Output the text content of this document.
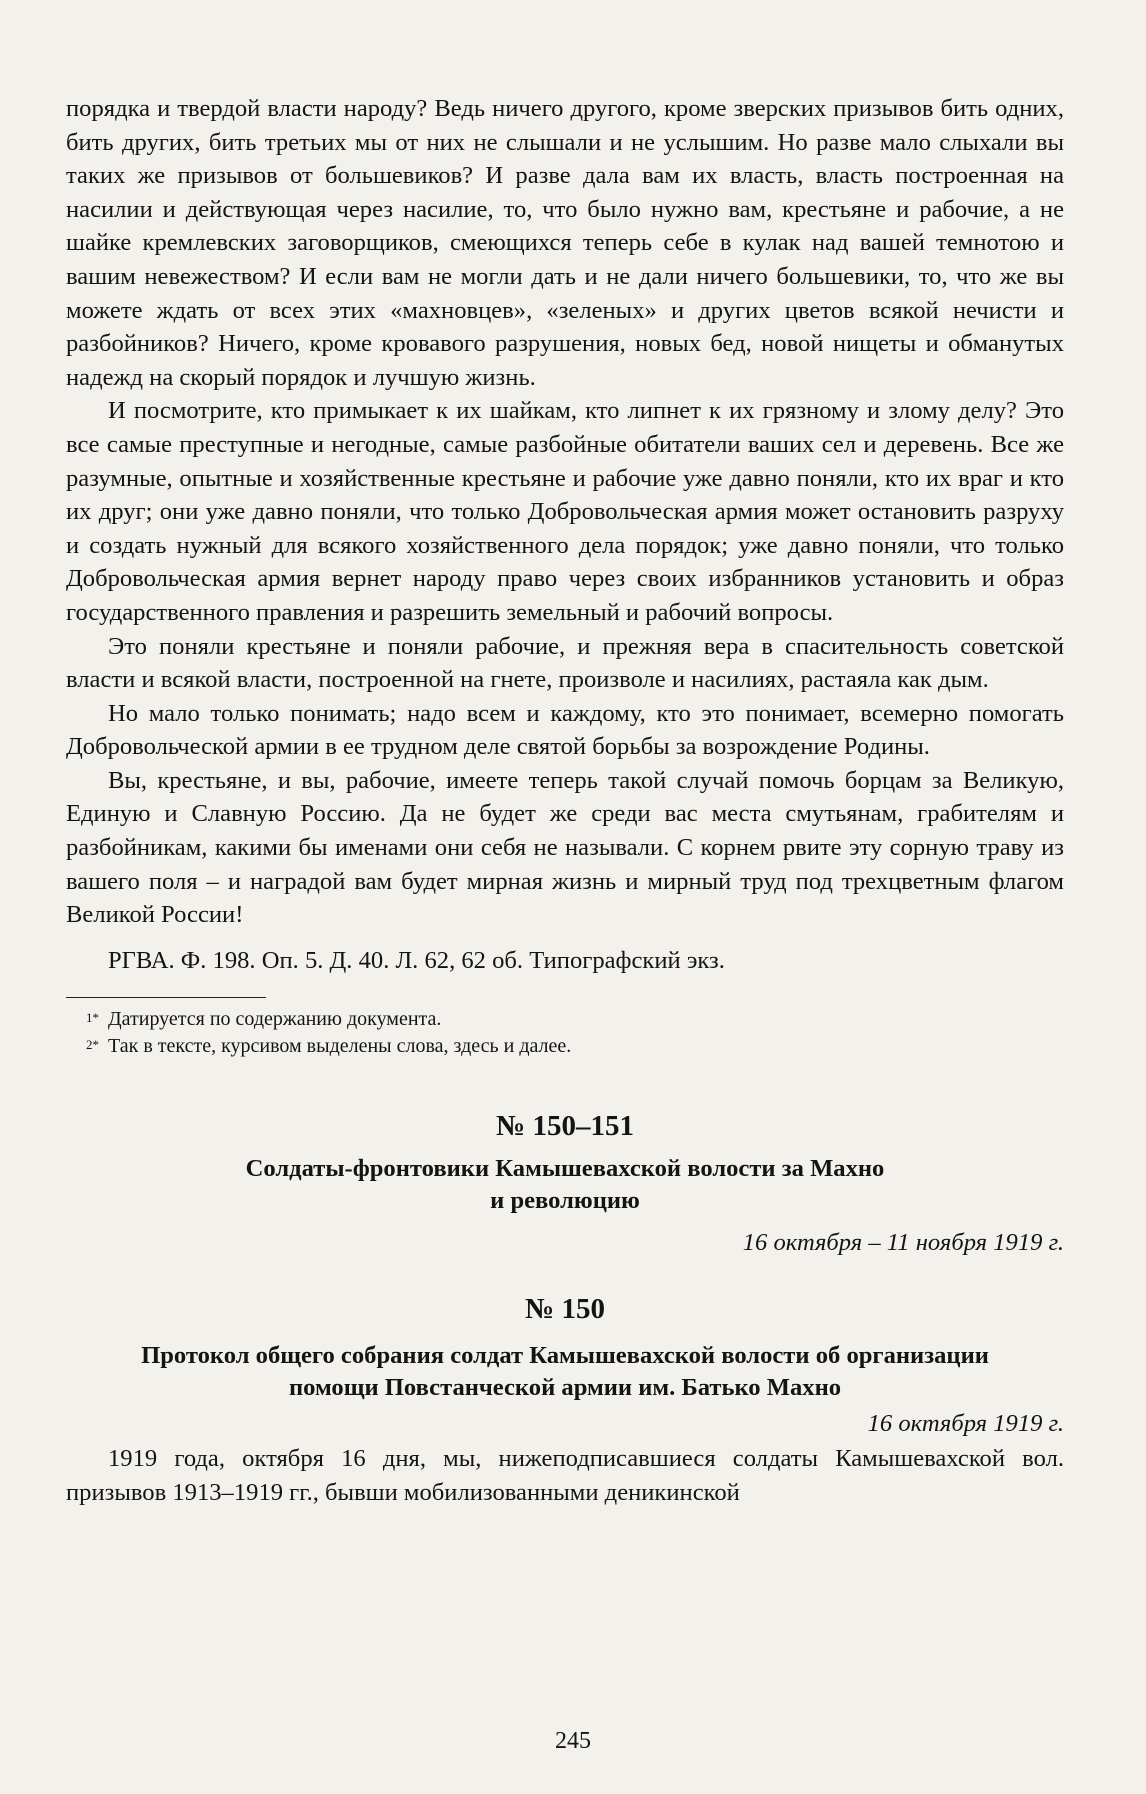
порядка и твердой власти народу? Ведь ничего другого, кроме зверских призывов бить одних, бить других, бить третьих мы от них не слышали и не услышим. Но разве мало слыхали вы таких же призывов от большевиков? И разве дала вам их власть, власть построенная на насилии и действующая через насилие, то, что было нужно вам, крестьяне и рабочие, а не шайке кремлевских заговорщиков, смеющихся теперь себе в кулак над вашей темнотою и вашим невежеством? И если вам не могли дать и не дали ничего большевики, то, что же вы можете ждать от всех этих «махновцев», «зеленых» и других цветов всякой нечисти и разбойников? Ничего, кроме кровавого разрушения, новых бед, новой нищеты и обманутых надежд на скорый порядок и лучшую жизнь.

И посмотрите, кто примыкает к их шайкам, кто липнет к их грязному и злому делу? Это все самые преступные и негодные, самые разбойные обитатели ваших сел и деревень. Все же разумные, опытные и хозяйственные крестьяне и рабочие уже давно поняли, кто их враг и кто их друг; они уже давно поняли, что только Добровольческая армия может остановить разруху и создать нужный для всякого хозяйственного дела порядок; уже давно поняли, что только Добровольческая армия вернет народу право через своих избранников установить и образ государственного правления и разрешить земельный и рабочий вопросы.

Это поняли крестьяне и поняли рабочие, и прежняя вера в спасительность советской власти и всякой власти, построенной на гнете, произволе и насилиях, растаяла как дым.

Но мало только понимать; надо всем и каждому, кто это понимает, всемерно помогать Добровольческой армии в ее трудном деле святой борьбы за возрождение Родины.

Вы, крестьяне, и вы, рабочие, имеете теперь такой случай помочь борцам за Великую, Единую и Славную Россию. Да не будет же среди вас места смутьянам, грабителям и разбойникам, какими бы именами они себя не называли. С корнем рвите эту сорную траву из вашего поля – и наградой вам будет мирная жизнь и мирный труд под трехцветным флагом Великой России!

РГВА. Ф. 198. Оп. 5. Д. 40. Л. 62, 62 об. Типографский экз.

1* Датируется по содержанию документа.

2* Так в тексте, курсивом выделены слова, здесь и далее.

№ 150–151

Солдаты-фронтовики Камышевахской волости за Махно

и революцию

16 октября – 11 ноября 1919 г.

№ 150

Протокол общего собрания солдат Камышевахской волости об организации

помощи Повстанческой армии им. Батько Махно

16 октября 1919 г.

1919 года, октября 16 дня, мы, нижеподписавшиеся солдаты Камышевахской вол. призывов 1913–1919 гг., бывши мобилизованными деникинской

245
